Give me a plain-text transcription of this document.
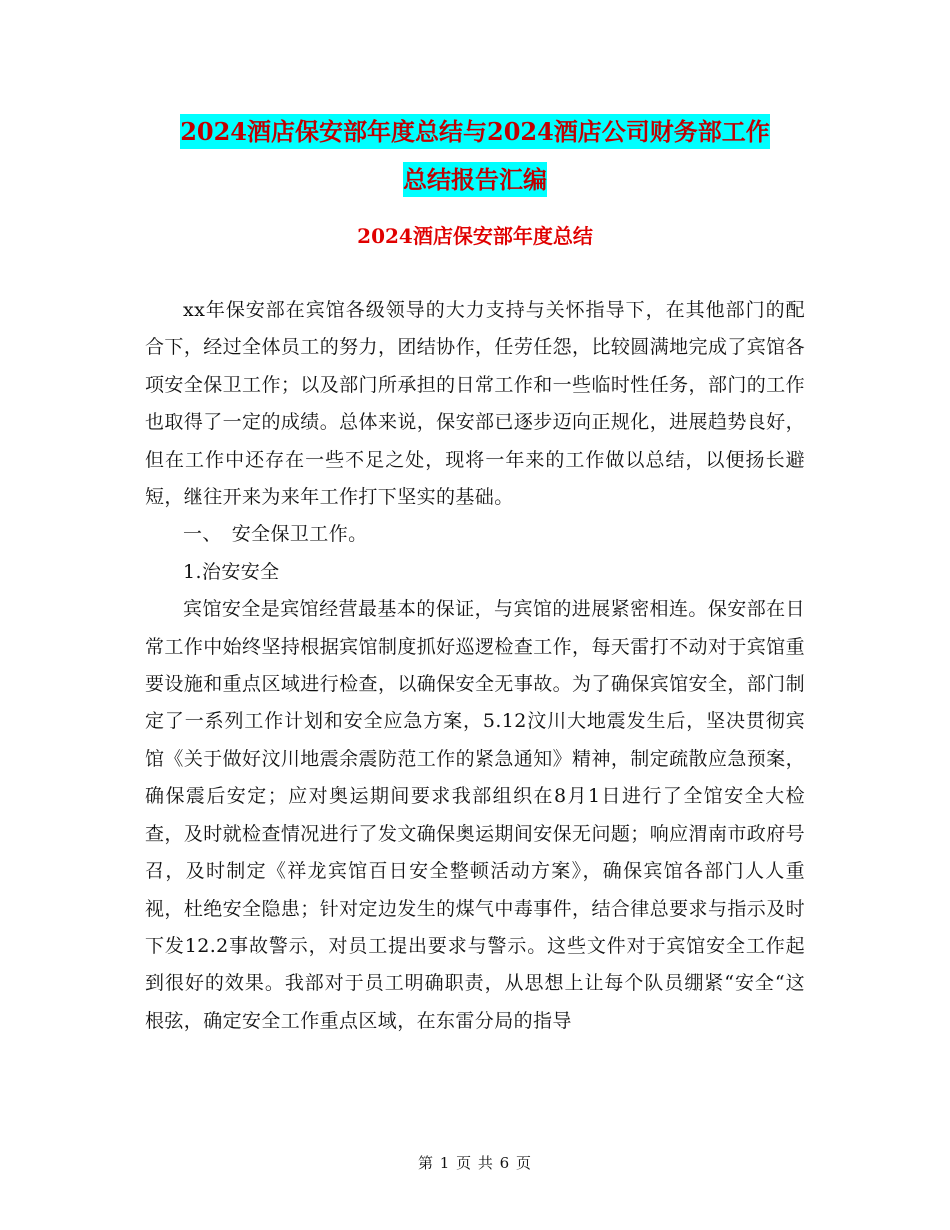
2024酒店保安部年度总结与2024酒店公司财务部工作
总结报告汇编
2024酒店保安部年度总结

xx年保安部在宾馆各级领导的大力支持与关怀指导下，在其他部门的配合下，经过全体员工的努力，团结协作，任劳任怨，比较圆满地完成了宾馆各项安全保卫工作；以及部门所承担的日常工作和一些临时性任务，部门的工作也取得了一定的成绩。总体来说，保安部已逐步迈向正规化，进展趋势良好，但在工作中还存在一些不足之处，现将一年来的工作做以总结，以便扬长避短，继往开来为来年工作打下坚实的基础。

一、　安全保卫工作。

1.治安安全

宾馆安全是宾馆经营最基本的保证，与宾馆的进展紧密相连。保安部在日常工作中始终坚持根据宾馆制度抓好巡逻检查工作，每天雷打不动对于宾馆重要设施和重点区域进行检查，以确保安全无事故。为了确保宾馆安全，部门制定了一系列工作计划和安全应急方案，5.12汶川大地震发生后，坚决贯彻宾馆《关于做好汶川地震余震防范工作的紧急通知》精神，制定疏散应急预案，确保震后安定；应对奥运期间要求我部组织在8月1日进行了全馆安全大检查，及时就检查情况进行了发文确保奥运期间安保无问题；响应渭南市政府号召，及时制定《祥龙宾馆百日安全整顿活动方案》，确保宾馆各部门人人重视，杜绝安全隐患；针对定边发生的煤气中毒事件，结合律总要求与指示及时下发12.2事故警示，对员工提出要求与警示。这些文件对于宾馆安全工作起到很好的效果。我部对于员工明确职责，从思想上让每个队员绷紧“安全“这根弦，确定安全工作重点区域，在东雷分局的指导

第 1 页 共 6 页
